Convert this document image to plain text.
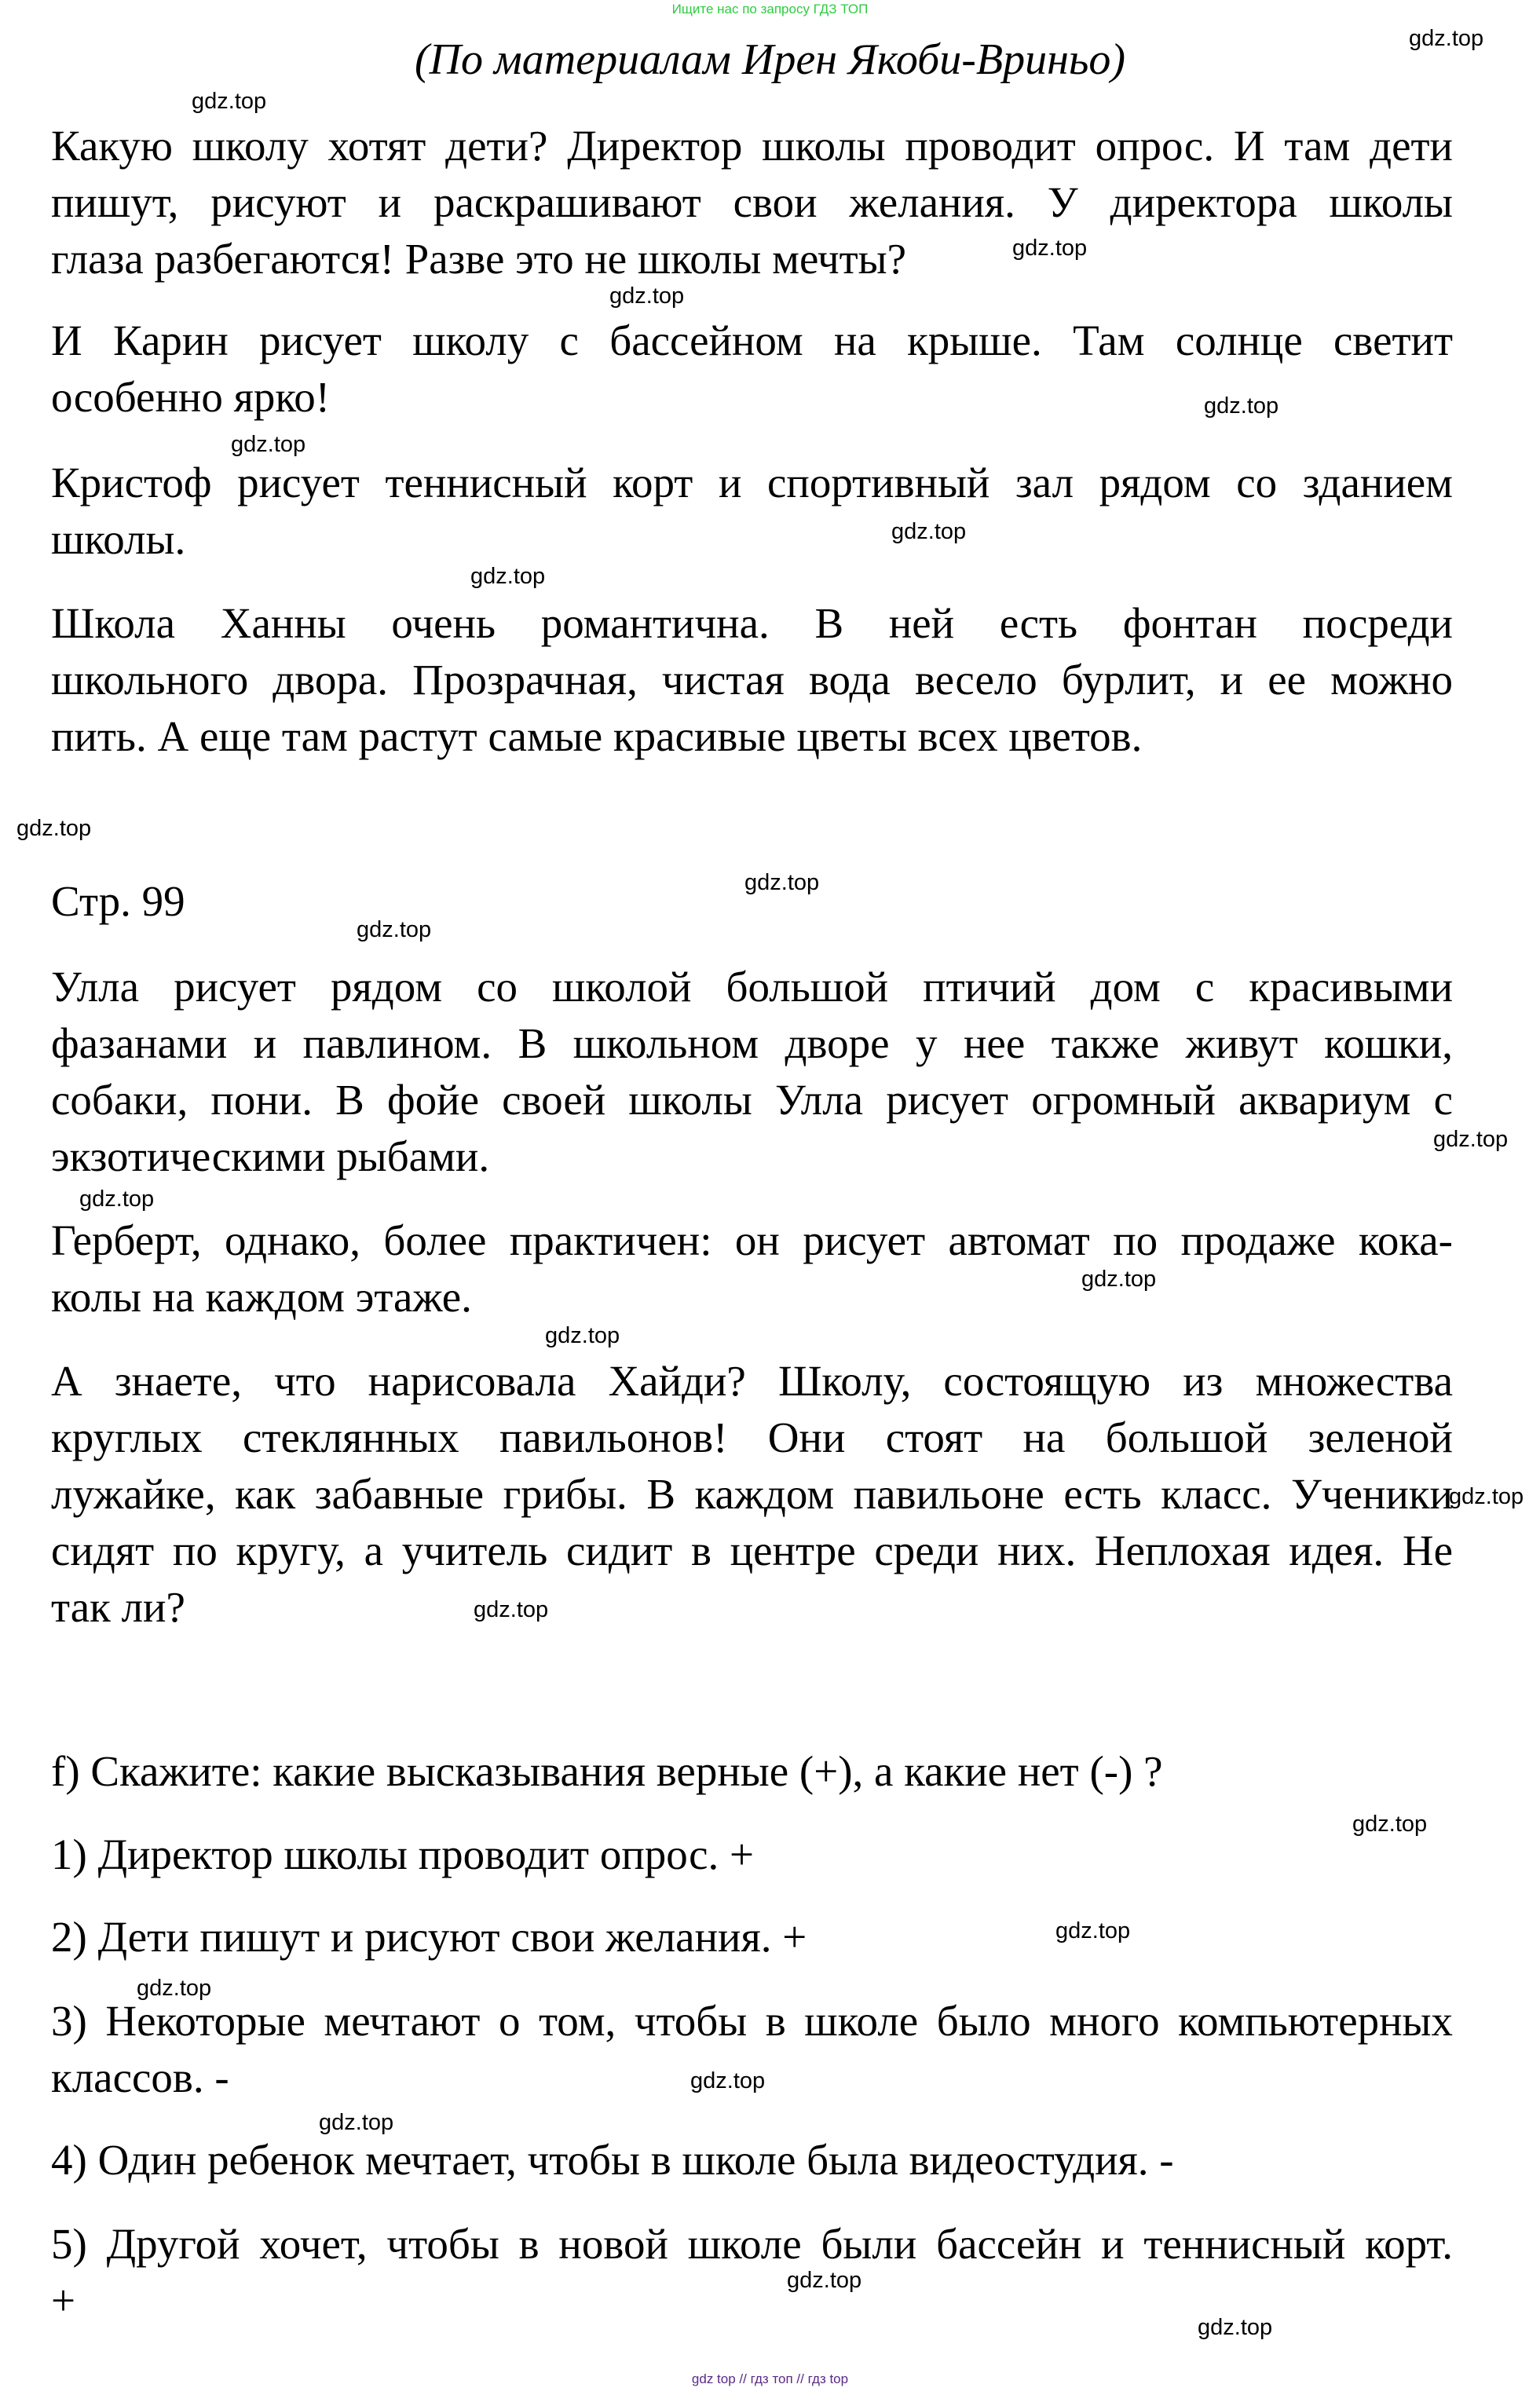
Ищите нас по запросу ГДЗ ТОП
(По материалам Ирен Якоби-Вриньо)
Какую школу хотят дети? Директор школы проводит опрос. И там дети
пишут, рисуют и раскрашивают свои желания. У директора школы
глаза разбегаются! Разве это не школы мечты?
И Карин рисует школу с бассейном на крыше. Там солнце светит
особенно ярко!
Кристоф рисует теннисный корт и спортивный зал рядом со зданием
школы.
Школа Ханны очень романтична. В ней есть фонтан посреди
школьного двора. Прозрачная, чистая вода весело бурлит, и ее можно
пить. А еще там растут самые красивые цветы всех цветов.
Стр. 99
Улла рисует рядом со школой большой птичий дом с красивыми
фазанами и павлином. В школьном дворе у нее также живут кошки,
собаки, пони. В фойе своей школы Улла рисует огромный аквариум с
экзотическими рыбами.
Герберт, однако, более практичен: он рисует автомат по продаже кока-
колы на каждом этаже.
А знаете, что нарисовала Хайди? Школу, состоящую из множества
круглых стеклянных павильонов! Они стоят на большой зеленой
лужайке, как забавные грибы. В каждом павильоне есть класс. Ученики
сидят по кругу, а учитель сидит в центре среди них. Неплохая идея. Не
так ли?
f) Скажите: какие высказывания верные (+), а какие нет (-) ?
1) Директор школы проводит опрос. +
2) Дети пишут и рисуют свои желания. +
3) Некоторые мечтают о том, чтобы в школе было много компьютерных
классов. -
4) Один ребенок мечтает, чтобы в школе была видеостудия. -
5) Другой хочет, чтобы в новой школе были бассейн и теннисный корт.
+
gdz.top
gdz.top
gdz.top
gdz.top
gdz.top
gdz.top
gdz.top
gdz.top
gdz.top
gdz.top
gdz.top
gdz.top
gdz.top
gdz.top
gdz.top
gdz.top
gdz.top
gdz.top
gdz.top
gdz.top
gdz.top
gdz.top
gdz.top
gdz.top
gdz top // гдз топ // гдз top
